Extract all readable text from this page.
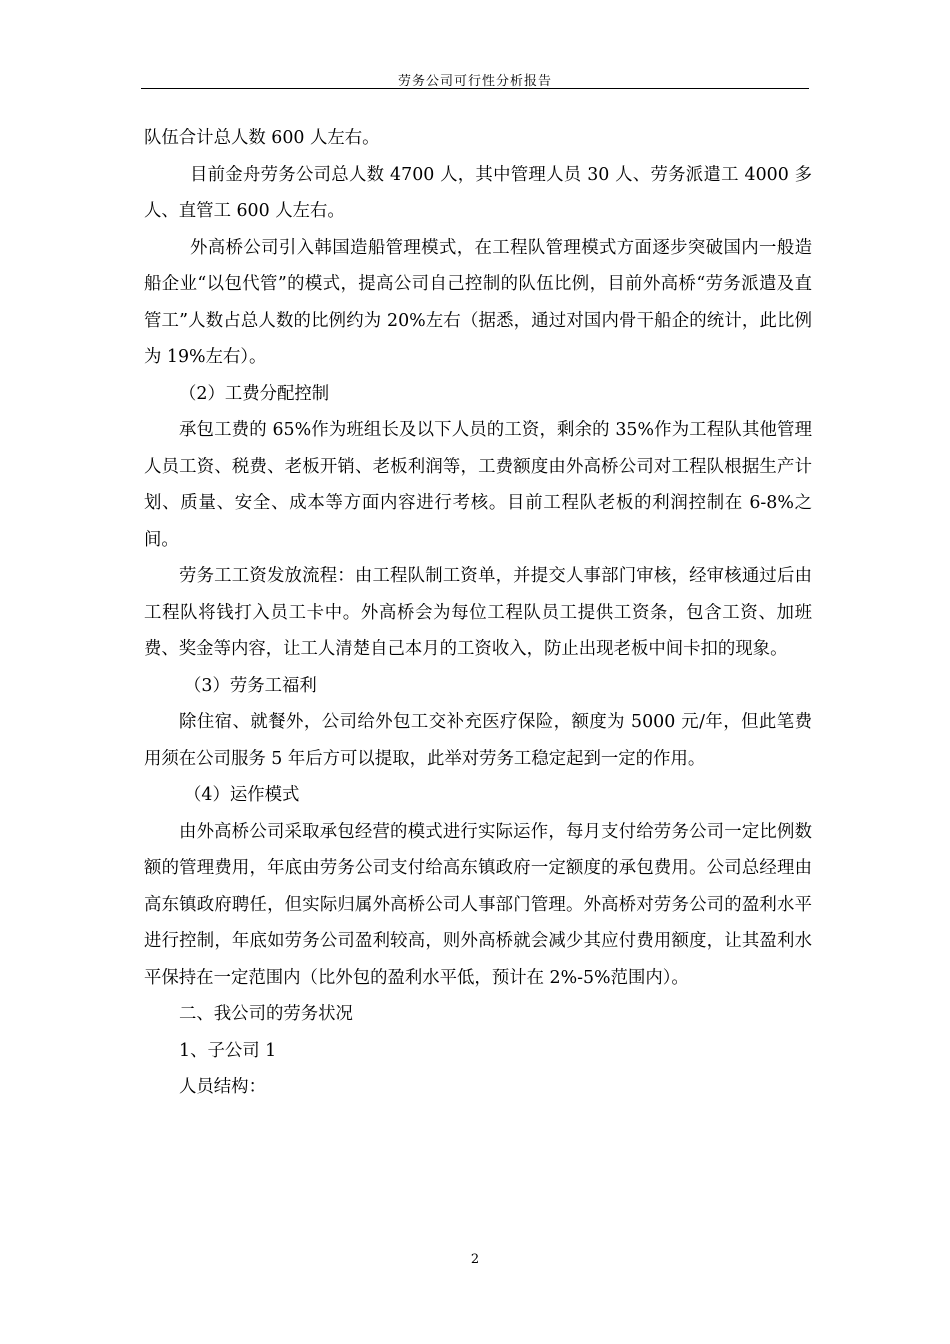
劳务公司可行性分析报告

队伍合计总人数 600 人左右。

目前金舟劳务公司总人数 4700 人，其中管理人员 30 人、劳务派遣工 4000 多人、直管工 600 人左右。

外高桥公司引入韩国造船管理模式，在工程队管理模式方面逐步突破国内一般造船企业“以包代管”的模式，提高公司自己控制的队伍比例，目前外高桥“劳务派遣及直管工”人数占总人数的比例约为 20%左右（据悉，通过对国内骨干船企的统计，此比例为 19%左右）。

（2）工费分配控制

承包工费的 65%作为班组长及以下人员的工资，剩余的 35%作为工程队其他管理人员工资、税费、老板开销、老板利润等，工费额度由外高桥公司对工程队根据生产计划、质量、安全、成本等方面内容进行考核。目前工程队老板的利润控制在 6-8%之间。

劳务工工资发放流程：由工程队制工资单，并提交人事部门审核，经审核通过后由工程队将钱打入员工卡中。外高桥会为每位工程队员工提供工资条，包含工资、加班费、奖金等内容，让工人清楚自己本月的工资收入，防止出现老板中间卡扣的现象。

（3）劳务工福利

除住宿、就餐外，公司给外包工交补充医疗保险，额度为 5000 元/年，但此笔费用须在公司服务 5 年后方可以提取，此举对劳务工稳定起到一定的作用。

（4）运作模式

由外高桥公司采取承包经营的模式进行实际运作，每月支付给劳务公司一定比例数额的管理费用，年底由劳务公司支付给高东镇政府一定额度的承包费用。公司总经理由高东镇政府聘任，但实际归属外高桥公司人事部门管理。外高桥对劳务公司的盈利水平进行控制，年底如劳务公司盈利较高，则外高桥就会减少其应付费用额度，让其盈利水平保持在一定范围内（比外包的盈利水平低，预计在 2%-5%范围内）。

二、我公司的劳务状况

1、子公司 1

人员结构：

2
